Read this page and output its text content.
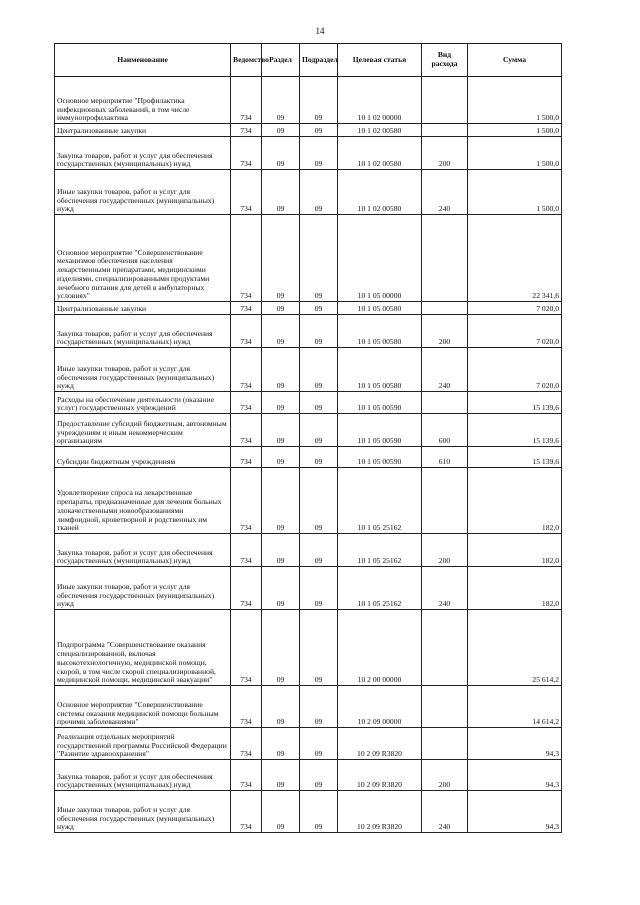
14
Наименование	Ведомство	Раздел	Подраздел	Целевая статья	Вид расхода	Сумма
Основное мероприятие "Профилактика инфекционных заболеваний, в том числе иммунопрофилактика	734	09	09	10 1 02 00000		1 500,0
Централизованные закупки	734	09	09	10 1 02 00580		1 500,0
Закупка товаров, работ и услуг для обеспечения государственных (муниципальных) нужд	734	09	09	10 1 02 00580	200	1 500,0
Иные закупки товаров, работ и услуг для обеспечения государственных (муниципальных) нужд	734	09	09	10 1 02 00580	240	1 500,0
Основное мероприятие "Совершенствование механизмов обеспечения населения лекарственными препаратами, медицинскими изделиями, специализированными продуктами лечебного питания для детей в амбулаторных условиях"	734	09	09	10 1 05 00000		22 341,6
Централизованные закупки	734	09	09	10 1 05 00580		7 020,0
Закупка товаров, работ и услуг для обеспечения государственных (муниципальных) нужд	734	09	09	10 1 05 00580	200	7 020,0
Иные закупки товаров, работ и услуг для обеспечения государственных (муниципальных) нужд	734	09	09	10 1 05 00580	240	7 020,0
Расходы на обеспечение деятельности (оказание услуг) государственных учреждений	734	09	09	10 1 05 00590		15 139,6
Предоставление субсидий бюджетным, автономным учреждениям и иным некоммерческим организациям	734	09	09	10 1 05 00590	600	15 139,6
Субсидии бюджетным учреждениям	734	09	09	10 1 05 00590	610	15 139,6
Удовлетворение спроса на лекарственные препараты, предназначенные для лечения больных злокачественными новообразованиями лимфоидной, кроветворной и родственных им тканей	734	09	09	10 1 05 25162		182,0
Закупка товаров, работ и услуг для обеспечения государственных (муниципальных) нужд	734	09	09	10 1 05 25162	200	182,0
Иные закупки товаров, работ и услуг для обеспечения государственных (муниципальных) нужд	734	09	09	10 1 05 25162	240	182,0
Подпрограмма "Совершенствование оказания специализированной, включая высокотехнологичную, медицинской помощи, скорой, в том числе скорой специализированной, медицинской помощи, медицинской эвакуации"	734	09	09	10 2 00 00000		25 614,2
Основное мероприятие "Совершенствование системы оказания медицинской помощи больным прочими заболеваниями"	734	09	09	10 2 09 00000		14 614,2
Реализация отдельных мероприятий государственной программы Российской Федерации "Развитие здравоохранения"	734	09	09	10 2 09 R3820		94,3
Закупка товаров, работ и услуг для обеспечения государственных (муниципальных) нужд	734	09	09	10 2 09 R3820	200	94,3
Иные закупки товаров, работ и услуг для обеспечения государственных (муниципальных) нужд	734	09	09	10 2 09 R3820	240	94,3
